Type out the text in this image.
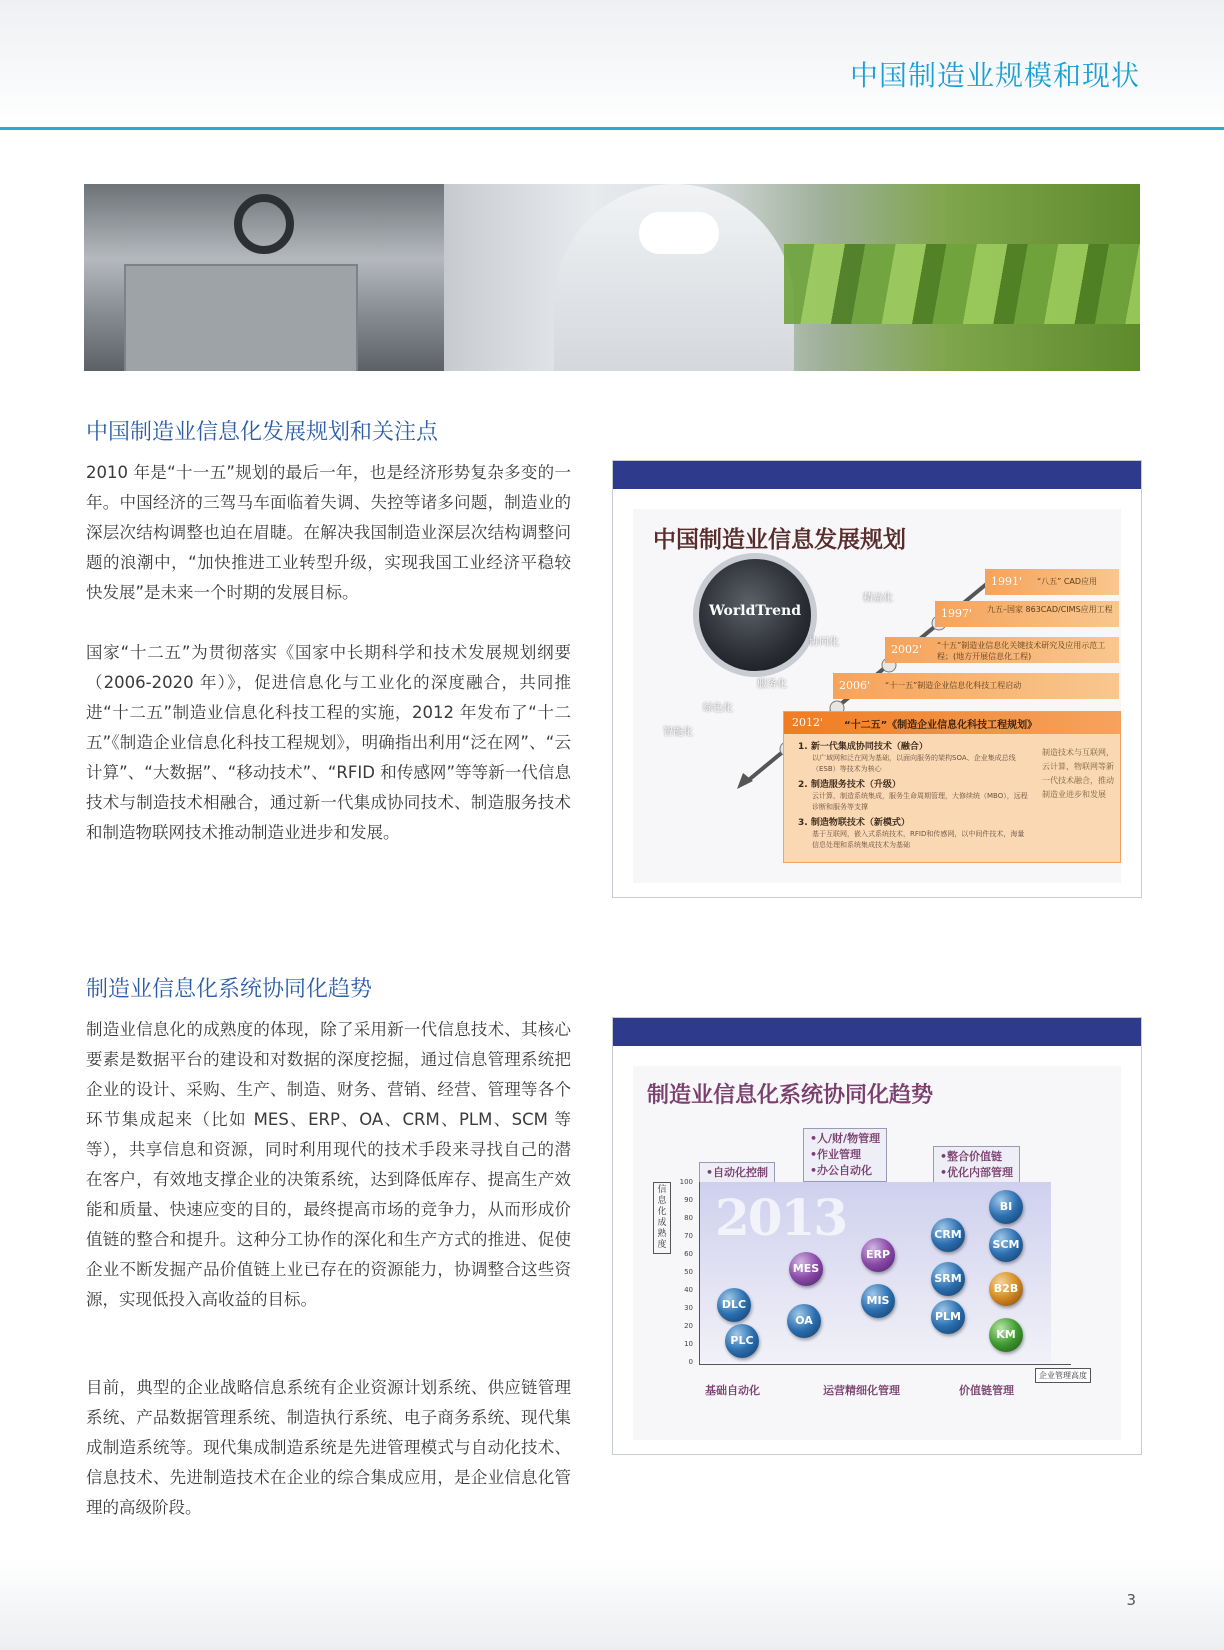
中国制造业规模和现状
中国制造业信息化发展规划和关注点
2010 年是“十一五”规划的最后一年，也是经济形势复杂多变的一年。中国经济的三驾马车面临着失调、失控等诸多问题，制造业的深层次结构调整也迫在眉睫。在解决我国制造业深层次结构调整问题的浪潮中，“加快推进工业转型升级，实现我国工业经济平稳较快发展”是未来一个时期的发展目标。
国家“十二五”为贯彻落实《国家中长期科学和技术发展规划纲要（2006-2020 年）》，促进信息化与工业化的深度融合，共同推进“十二五”制造业信息化科技工程的实施，2012 年发布了“十二五”《制造企业信息化科技工程规划》，明确指出利用“泛在网”、“云计算”、“大数据”、“移动技术”、“RFID 和传感网”等等新一代信息技术与制造技术相融合，通过新一代集成协同技术、制造服务技术和制造物联网技术推动制造业进步和发展。
中国制造业信息发展规划
WorldTrend
精益化
协同化
服务化
绿色化
智能化
1991' “八五” CAD应用
1997' 九五–国家 863CAD/CIMS应用工程
2002' “十五”制造业信息化关键技术研究及应用示范工程；(地方开展信息化工程)
2006' “十一五”制造企业信息化科技工程启动
2012' “十二五”《制造企业信息化科技工程规划》
1. 新一代集成协同技术（融合）
以广域网和泛在网为基础，以面向服务的架构SOA、企业集成总线（ESB）等技术为核心
2. 制造服务技术（升级）
云计算，制造系统集成，服务生命周期管理，大修续统（MBO），远程诊断和服务等支撑
3. 制造物联技术（新模式）
基于互联网，嵌入式系统技术，RFID和传感网，以中间件技术，海量信息处理和系统集成技术为基础
制造技术与互联网，云计算，物联网等新一代技术融合，推动制造业进步和发展
制造业信息化系统协同化趋势
制造业信息化的成熟度的体现，除了采用新一代信息技术、其核心要素是数据平台的建设和对数据的深度挖掘，通过信息管理系统把企业的设计、采购、生产、制造、财务、营销、经营、管理等各个环节集成起来（比如 MES、ERP、OA、CRM、PLM、SCM 等等），共享信息和资源，同时利用现代的技术手段来寻找自己的潜在客户，有效地支撑企业的决策系统，达到降低库存、提高生产效能和质量、快速应变的目的，最终提高市场的竞争力，从而形成价值链的整合和提升。这种分工协作的深化和生产方式的推进、促使企业不断发掘产品价值链上业已存在的资源能力，协调整合这些资源，实现低投入高收益的目标。
目前，典型的企业战略信息系统有企业资源计划系统、供应链管理系统、产品数据管理系统、制造执行系统、电子商务系统、现代集成制造系统等。现代集成制造系统是先进管理模式与自动化技术、信息技术、先进制造技术在企业的综合集成应用，是企业信息化管理的高级阶段。
制造业信息化系统协同化趋势
•自动化控制
•人/财/物管理
•作业管理
•办公自动化
•整合价值链
•优化内部管理
2013
信息化成熟度
100
90
80
70
60
50
40
30
20
10
0
企业管理高度
基础自动化	运营精细化管理	价值链管理
DLC
PLC
MES
OA
ERP
MIS
CRM
SRM
PLM
BI
SCM
B2B
KM
3
